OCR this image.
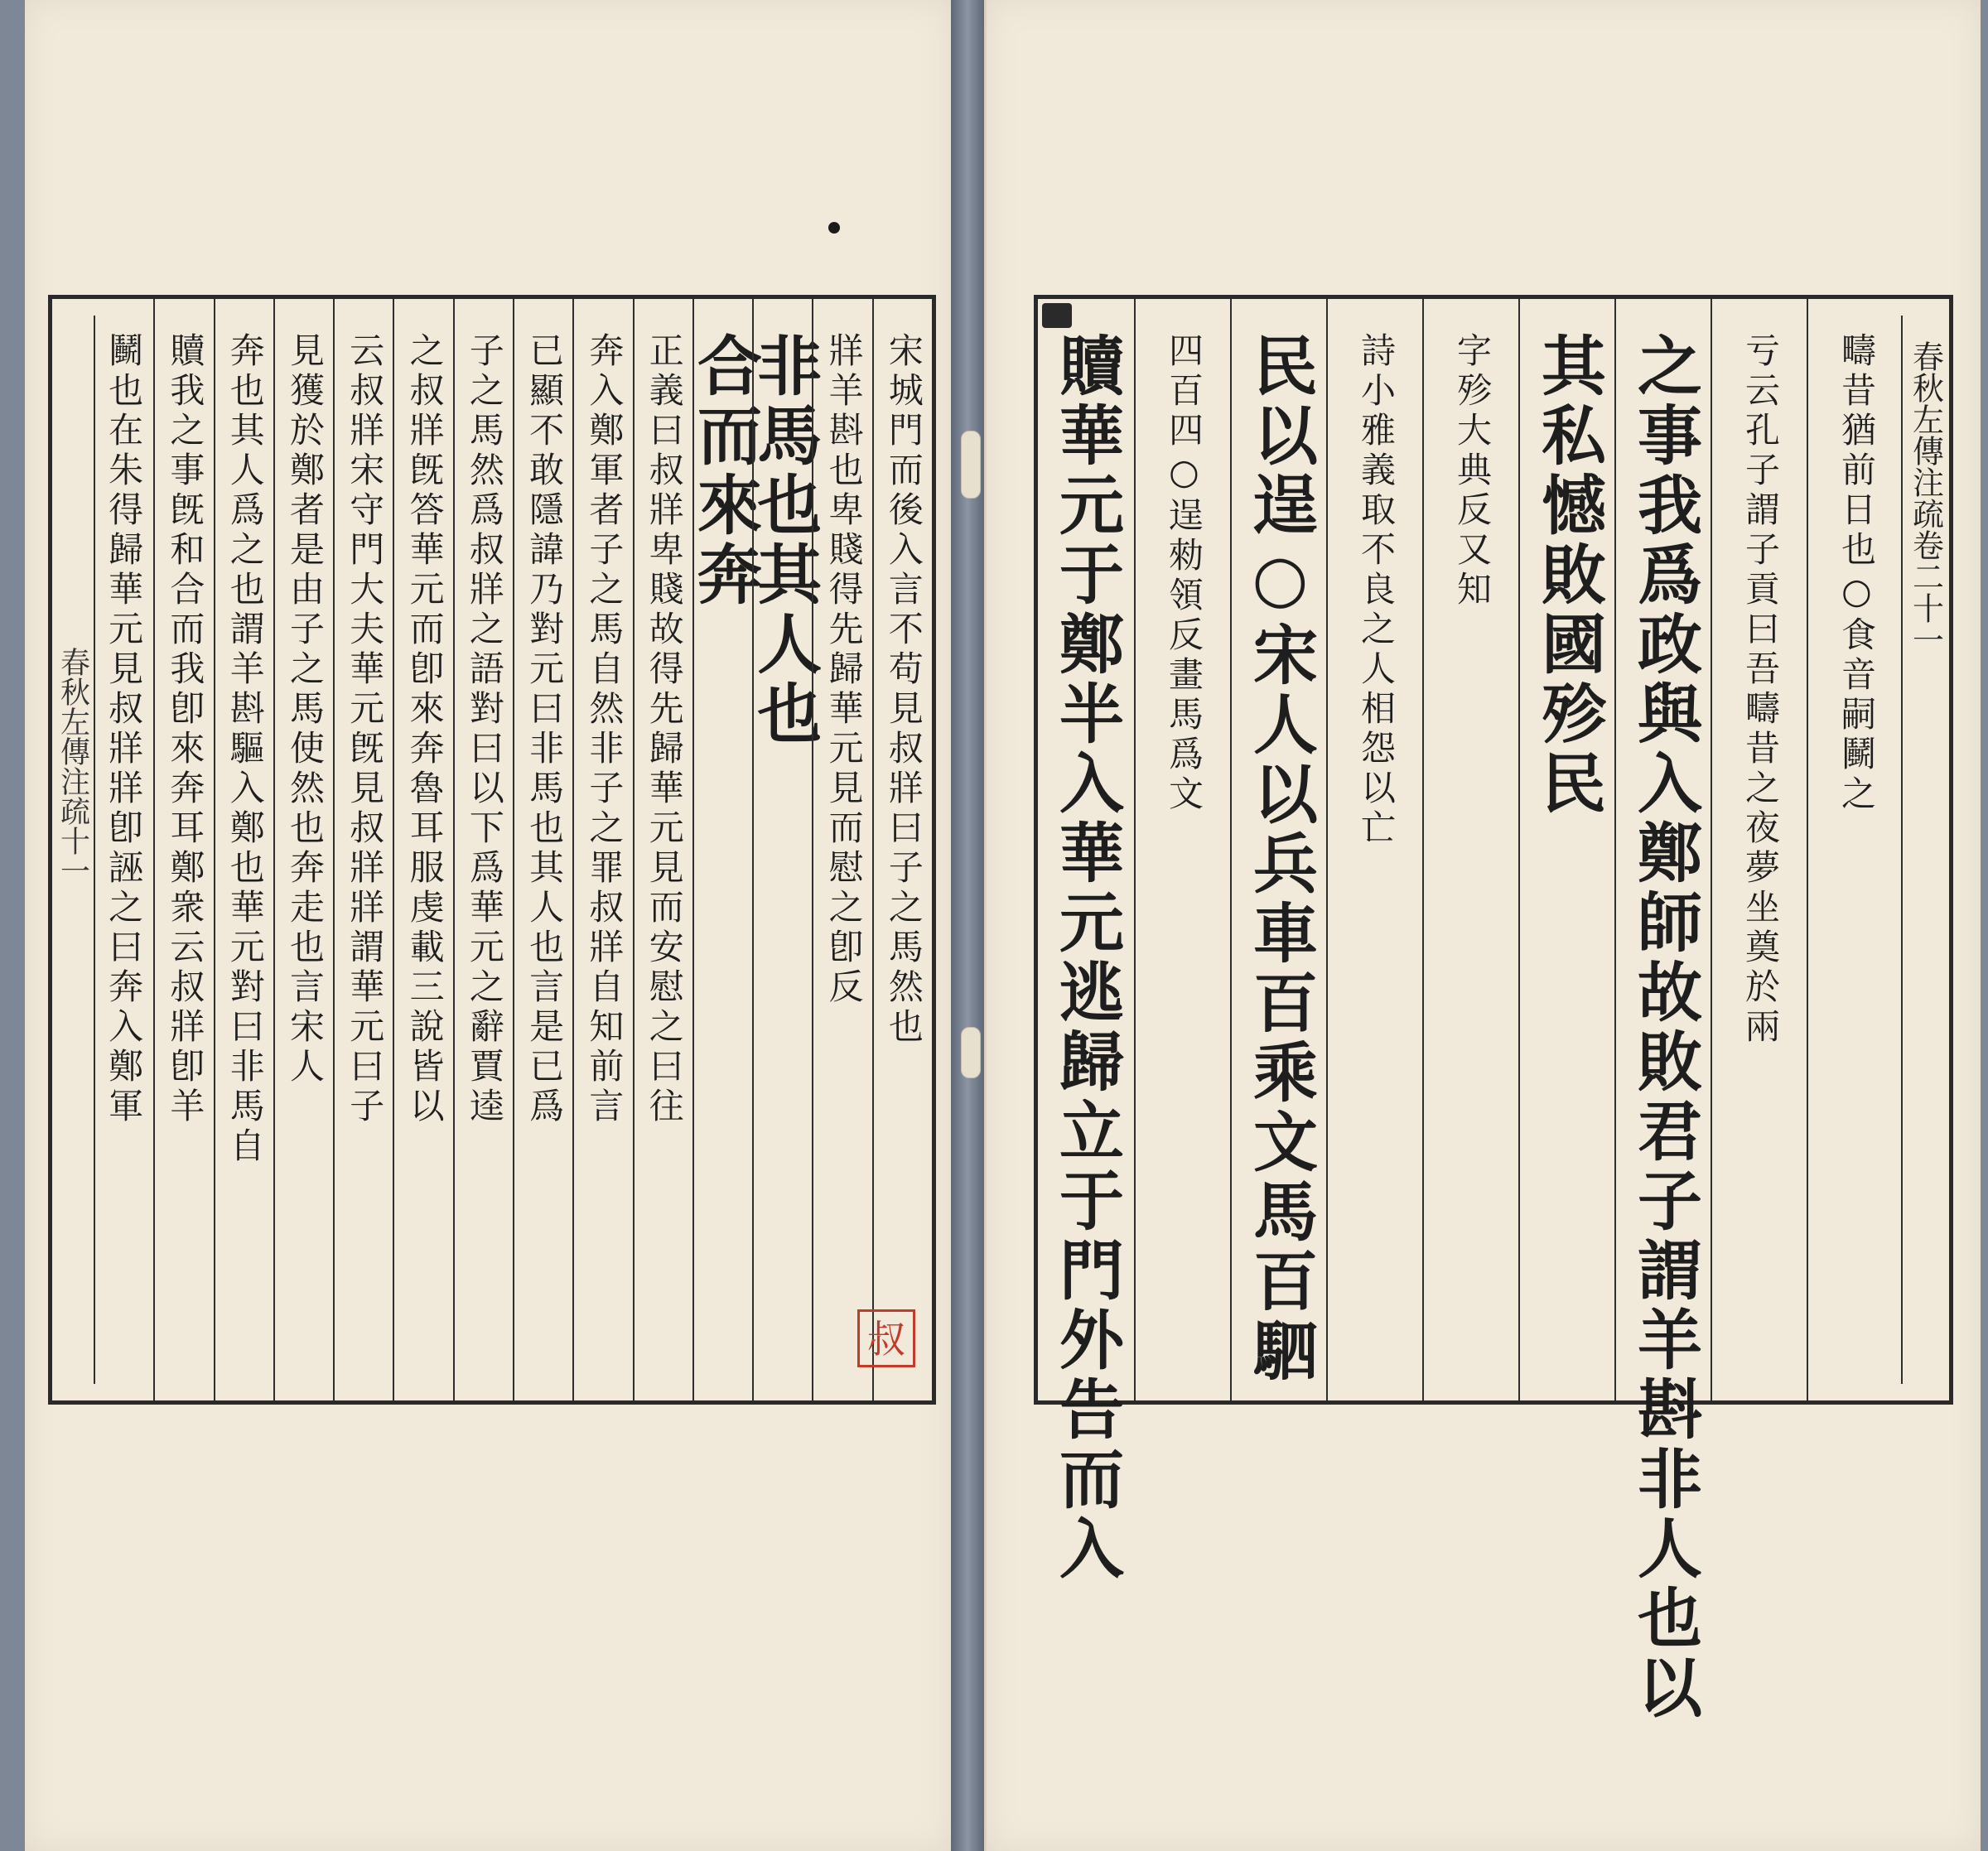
春秋左傳注疏十一 鬭也在朱得歸華元見叔牂牂卽誣之曰奔入鄭軍 贖我之事旣和合而我卽來奔耳鄭衆云叔牂卽羊 奔也其人爲之也謂羊斟驅入鄭也華元對曰非馬自 見獲於鄭者是由子之馬使然也奔走也言宋人 云叔牂宋守門大夫華元旣見叔牂牂謂華元曰子 之叔牂旣答華元而卽來奔魯耳服虔載三說皆以 子之馬然爲叔牂之語對曰以下爲華元之辭賈逵 已顯不敢隱諱乃對元曰非馬也其人也言是已爲 奔入鄭軍者子之馬自然非子之罪叔牂自知前言 正義曰叔牂卑賤故得先歸華元見而安慰之曰往 合而來奔
非馬也其人也 牂羊斟也卑賤得先歸華元見而慰之卽反 宋城門而後入言不苟見叔牂曰子之馬然也
叔
春秋左傳注疏卷二十一
贖華元于鄭半入華元逃歸立于門外告而入 四百四○逞勑領反畫馬爲文 民以逞○宋人以兵車百乘文馬百駟 詩小雅義取不良之人相怨以亡 字殄大典反又知 其私憾敗國殄民 之事我爲政與入鄭師故敗君子謂羊斟非人也以 亏云孔子謂子貢曰吾疇昔之夜夢坐奠於兩 疇昔猶前日也○食音嗣鬭之
